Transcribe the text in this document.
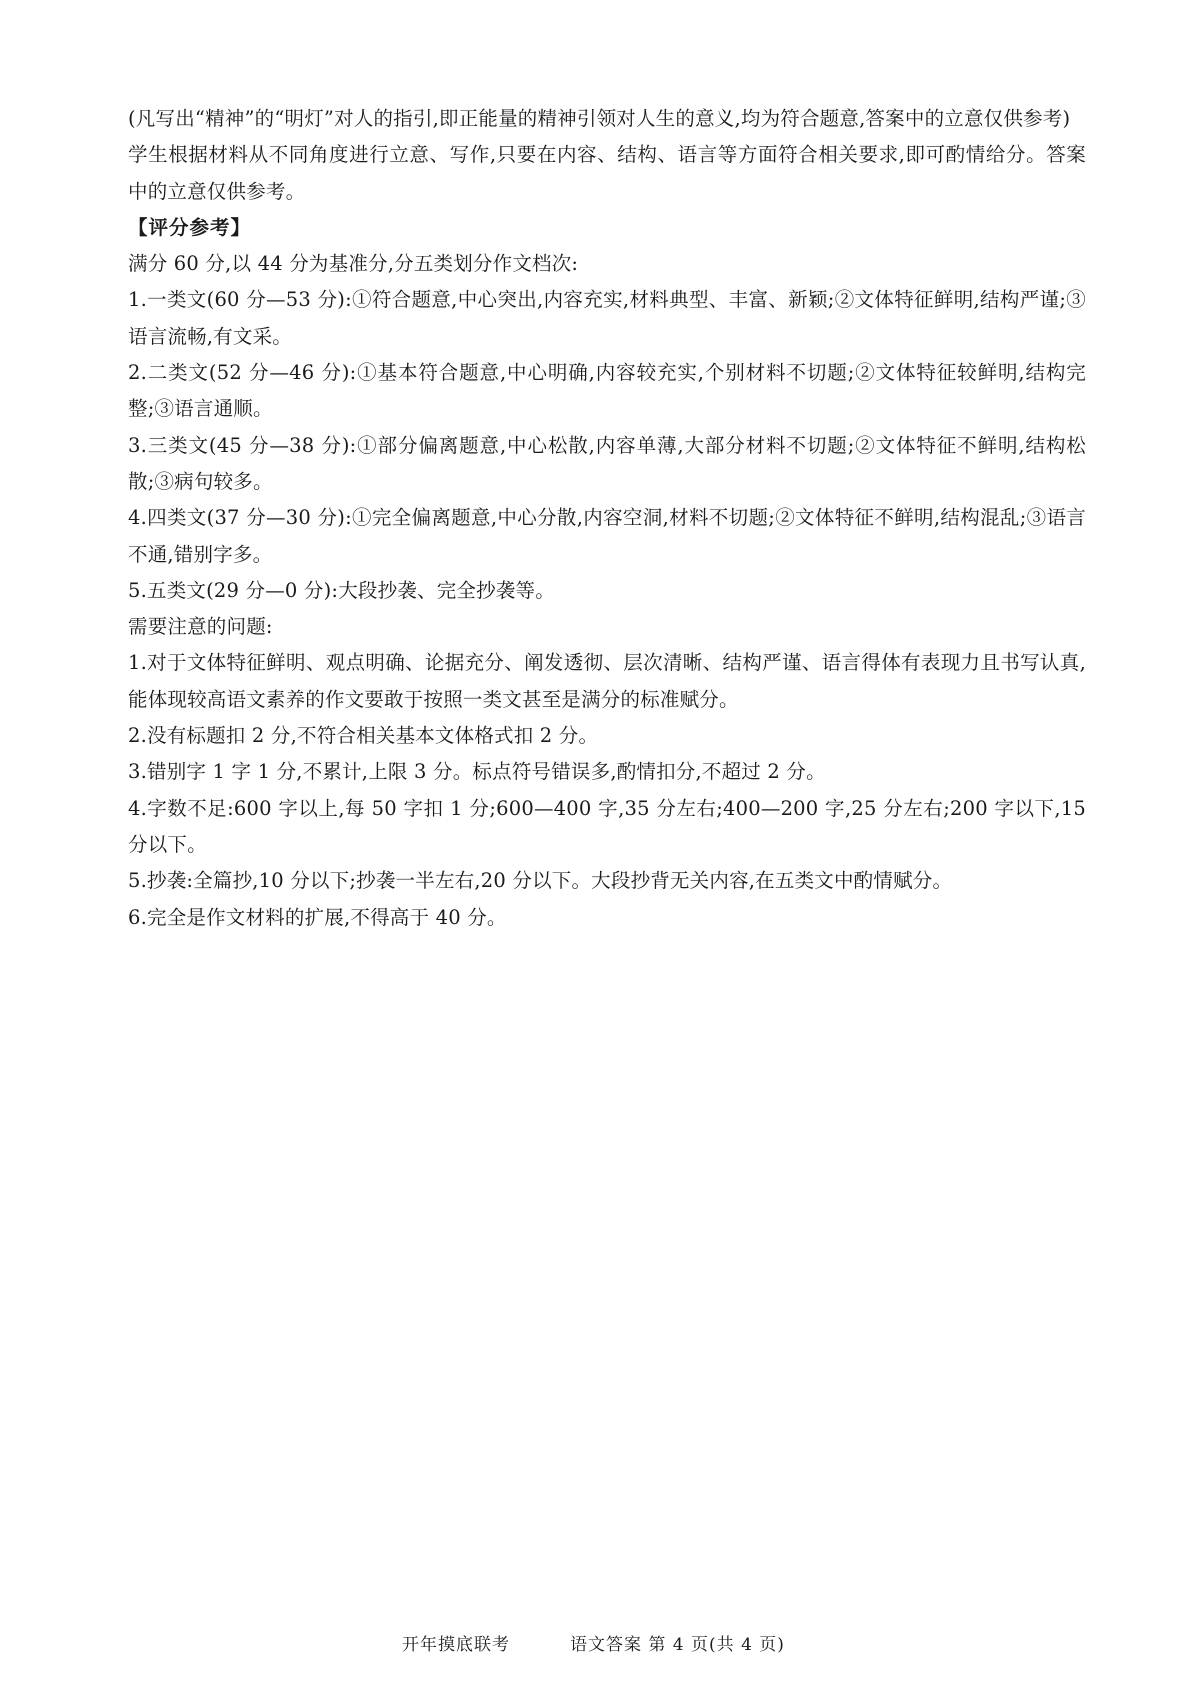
(凡写出“精神”的“明灯”对人的指引,即正能量的精神引领对人生的意义,均为符合题意,答案中的立意仅供参考)

学生根据材料从不同角度进行立意、写作,只要在内容、结构、语言等方面符合相关要求,即可酌情给分。答案中的立意仅供参考。

【评分参考】

满分 60 分,以 44 分为基准分,分五类划分作文档次:

1.一类文(60 分—53 分):①符合题意,中心突出,内容充实,材料典型、丰富、新颖;②文体特征鲜明,结构严谨;③语言流畅,有文采。

2.二类文(52 分—46 分):①基本符合题意,中心明确,内容较充实,个别材料不切题;②文体特征较鲜明,结构完整;③语言通顺。

3.三类文(45 分—38 分):①部分偏离题意,中心松散,内容单薄,大部分材料不切题;②文体特征不鲜明,结构松散;③病句较多。

4.四类文(37 分—30 分):①完全偏离题意,中心分散,内容空洞,材料不切题;②文体特征不鲜明,结构混乱;③语言不通,错别字多。

5.五类文(29 分—0 分):大段抄袭、完全抄袭等。

需要注意的问题:

1.对于文体特征鲜明、观点明确、论据充分、阐发透彻、层次清晰、结构严谨、语言得体有表现力且书写认真,能体现较高语文素养的作文要敢于按照一类文甚至是满分的标准赋分。

2.没有标题扣 2 分,不符合相关基本文体格式扣 2 分。

3.错别字 1 字 1 分,不累计,上限 3 分。标点符号错误多,酌情扣分,不超过 2 分。

4.字数不足:600 字以上,每 50 字扣 1 分;600—400 字,35 分左右;400—200 字,25 分左右;200 字以下,15 分以下。

5.抄袭:全篇抄,10 分以下;抄袭一半左右,20 分以下。大段抄背无关内容,在五类文中酌情赋分。

6.完全是作文材料的扩展,不得高于 40 分。

开年摸底联考	语文答案 第 4 页(共 4 页)
